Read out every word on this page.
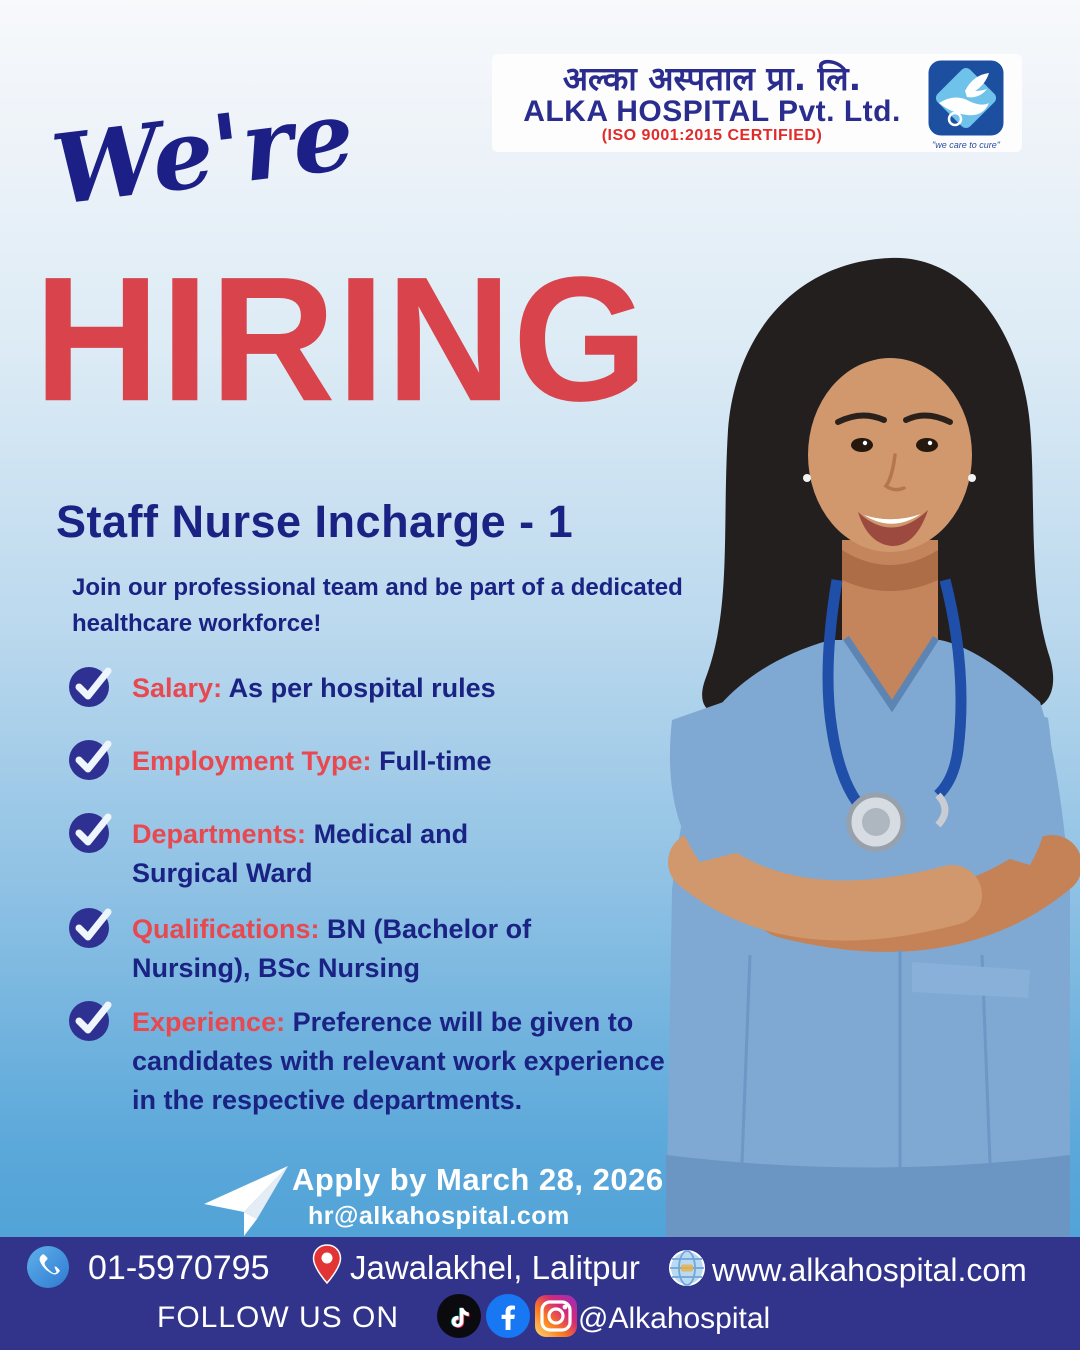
अल्का अस्पताल प्रा. लि.
ALKA HOSPITAL Pvt. Ltd.
(ISO 9001:2015 CERTIFIED)
"we care to cure"
We're
HIRING
Staff Nurse Incharge - 1
Join our professional team and be part of a dedicated healthcare workforce!
Salary: As per hospital rules
Employment Type: Full-time
Departments: Medical and Surgical Ward
Qualifications: BN (Bachelor of Nursing), BSc Nursing
Experience: Preference will be given to candidates with relevant work experience in the respective departments.
Apply by March 28, 2026
hr@alkahospital.com
01-5970795 Jawalakhel, Lalitpur www.alkahospital.com
FOLLOW US ON	@Alkahospital
